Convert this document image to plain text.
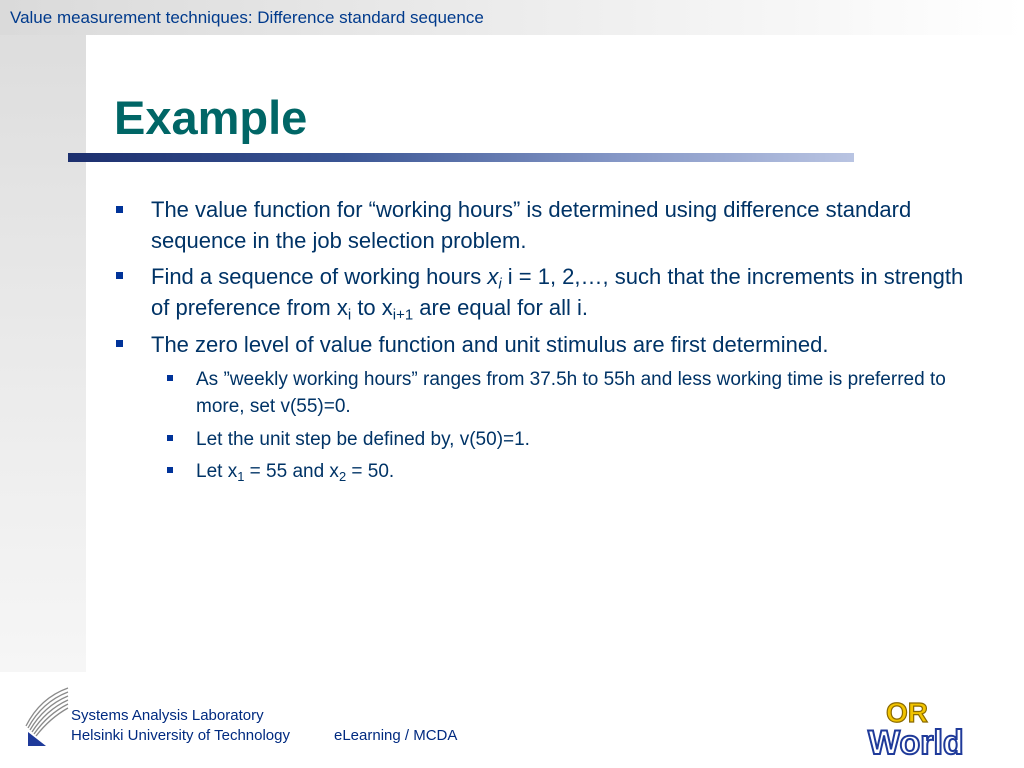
Value measurement techniques: Difference standard sequence
Example
The value function for “working hours” is determined using difference standard sequence in the job selection problem.
Find a sequence of working hours $x_i$ i = 1, 2,…, such that the increments in strength of preference from $x_i$ to $x_{i+1}$ are equal for all i.
The zero level of value function and unit stimulus are first determined.
As ”weekly working hours” ranges from 37.5h to 55h and less working time is preferred to more, set v(55)=0.
Let the unit step be defined by, v(50)=1.
Let $x_1 = 55$ and $x_2 = 50$.
Systems Analysis Laboratory
Helsinki University of Technology	eLearning / MCDA
OR
World
